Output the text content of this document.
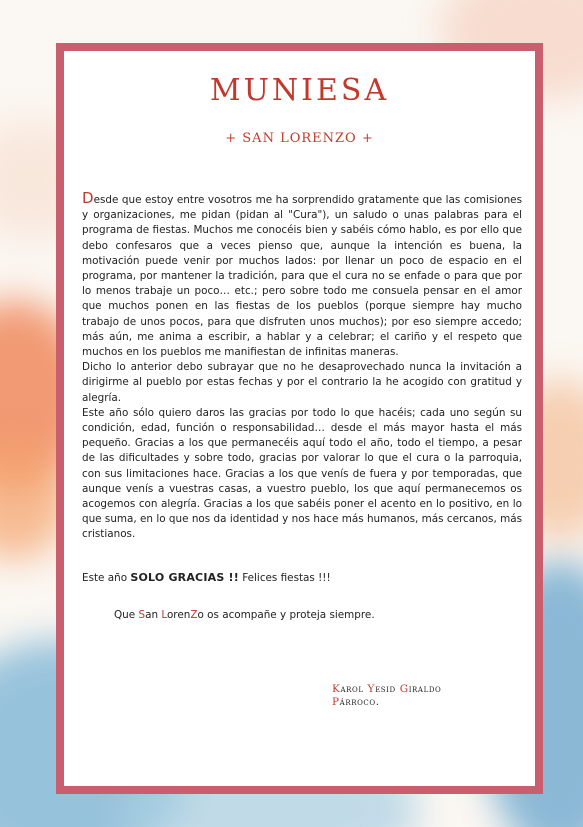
MUNIESA
+ SAN LORENZO +

Desde que estoy entre vosotros me ha sorprendido gratamente que las comisiones y organizaciones, me pidan (pidan al "Cura"), un saludo o unas palabras para el programa de fiestas. Muchos me conocéis bien y sabéis cómo hablo, es por ello que debo confesaros que a veces pienso que, aunque la intención es buena, la motivación puede venir por muchos lados: por llenar un poco de espacio en el programa, por mantener la tradición, para que el cura no se enfade o para que por lo menos trabaje un poco… etc.; pero sobre todo me consuela pensar en el amor que muchos ponen en las fiestas de los pueblos (porque siempre hay mucho trabajo de unos pocos, para que disfruten unos muchos); por eso siempre accedo; más aún, me anima a escribir, a hablar y a celebrar; el cariño y el respeto que muchos en los pueblos me manifiestan de infinitas maneras.

Dicho lo anterior debo subrayar que no he desaprovechado nunca la invitación a dirigirme al pueblo por estas fechas y por el contrario la he acogido con gratitud y alegría.

Este año sólo quiero daros las gracias por todo lo que hacéis; cada uno según su condición, edad, función o responsabilidad… desde el más mayor hasta el más pequeño. Gracias a los que permanecéis aquí todo el año, todo el tiempo, a pesar de las dificultades y sobre todo, gracias por valorar lo que el cura o la parroquia, con sus limitaciones hace. Gracias a los que venís de fuera y por temporadas, que aunque venís a vuestras casas, a vuestro pueblo, los que aquí permanecemos os acogemos con alegría. Gracias a los que sabéis poner el acento en lo positivo, en lo que suma, en lo que nos da identidad y nos hace más humanos, más cercanos, más cristianos.

Este año SOLO GRACIAS !! Felices fiestas !!!
Que San LorenZo os acompañe y proteja siempre.
Karol Yesid Giraldo
Párroco.
